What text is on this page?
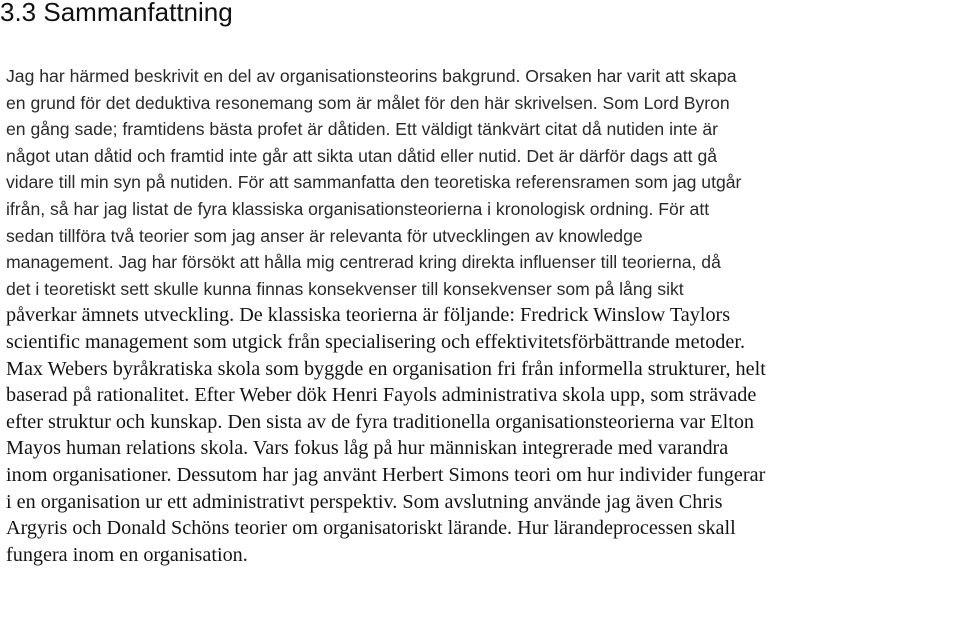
3.3 Sammanfattning
Jag har härmed beskrivit en del av organisationsteorins bakgrund. Orsaken har varit att skapa
en grund för det deduktiva resonemang som är målet för den här skrivelsen. Som Lord Byron
en gång sade; framtidens bästa profet är dåtiden. Ett väldigt tänkvärt citat då nutiden inte är
något utan dåtid och framtid inte går att sikta utan dåtid eller nutid. Det är därför dags att gå
vidare till min syn på nutiden. För att sammanfatta den teoretiska referensramen som jag utgår
ifrån, så har jag listat de fyra klassiska organisationsteorierna i kronologisk ordning. För att
sedan tillföra två teorier som jag anser är relevanta för utvecklingen av knowledge
management. Jag har försökt att hålla mig centrerad kring direkta influenser till teorierna, då
det i teoretiskt sett skulle kunna finnas konsekvenser till konsekvenser som på lång sikt
påverkar ämnets utveckling. De klassiska teorierna är följande: Fredrick Winslow Taylors
scientific management som utgick från specialisering och effektivitetsförbättrande metoder.
Max Webers byråkratiska skola som byggde en organisation fri från informella strukturer, helt
baserad på rationalitet. Efter Weber dök Henri Fayols administrativa skola upp, som strävade
efter struktur och kunskap. Den sista av de fyra traditionella organisationsteorierna var Elton
Mayos human relations skola. Vars fokus låg på hur människan integrerade med varandra
inom organisationer. Dessutom har jag använt Herbert Simons teori om hur individer fungerar
i en organisation ur ett administrativt perspektiv. Som avslutning använde jag även Chris
Argyris och Donald Schöns teorier om organisatoriskt lärande. Hur lärandeprocessen skall
fungera inom en organisation.
